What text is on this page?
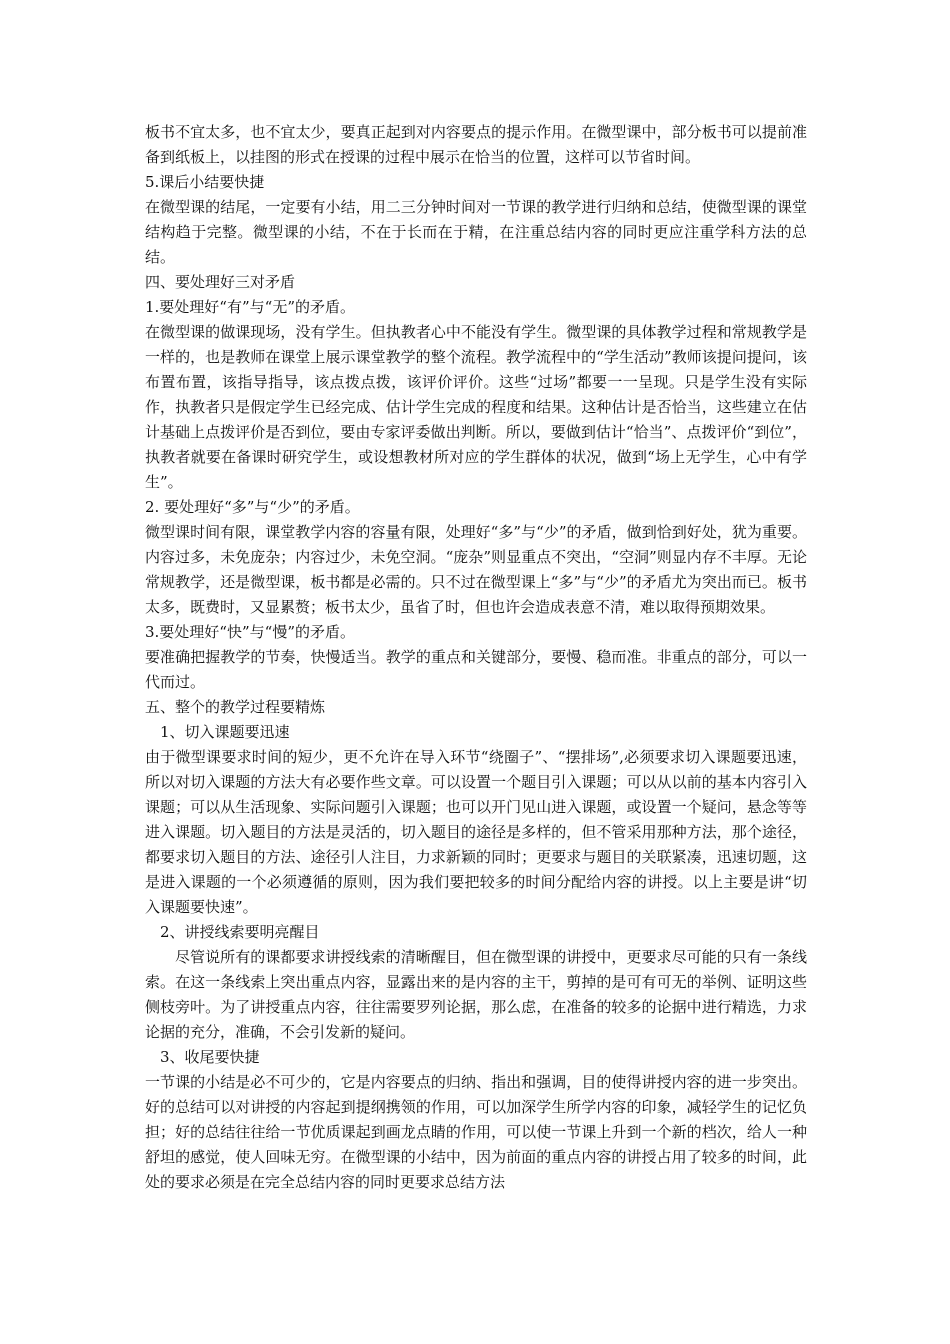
板书不宜太多，也不宜太少，要真正起到对内容要点的提示作用。在微型课中，部分板书可以提前准备到纸板上，以挂图的形式在授课的过程中展示在恰当的位置，这样可以节省时间。

5.课后小结要快捷

在微型课的结尾，一定要有小结，用二三分钟时间对一节课的教学进行归纳和总结，使微型课的课堂结构趋于完整。微型课的小结，不在于长而在于精，在注重总结内容的同时更应注重学科方法的总结。

四、要处理好三对矛盾

1.要处理好“有”与“无”的矛盾。

在微型课的做课现场，没有学生。但执教者心中不能没有学生。微型课的具体教学过程和常规教学是一样的，也是教师在课堂上展示课堂教学的整个流程。教学流程中的“学生活动”教师该提问提问，该布置布置，该指导指导，该点拨点拨，该评价评价。这些“过场”都要一一呈现。只是学生没有实际作，执教者只是假定学生已经完成、估计学生完成的程度和结果。这种估计是否恰当，这些建立在估计基础上点拨评价是否到位，要由专家评委做出判断。所以，要做到估计“恰当”、点拨评价“到位”，执教者就要在备课时研究学生，或设想教材所对应的学生群体的状况，做到“场上无学生，心中有学生”。

2. 要处理好“多”与“少”的矛盾。

微型课时间有限，课堂教学内容的容量有限，处理好“多”与“少”的矛盾，做到恰到好处，犹为重要。内容过多，未免庞杂；内容过少，未免空洞。“庞杂”则显重点不突出，“空洞”则显内存不丰厚。无论常规教学，还是微型课，板书都是必需的。只不过在微型课上“多”与“少”的矛盾尤为突出而已。板书太多，既费时，又显累赘；板书太少，虽省了时，但也许会造成表意不清，难以取得预期效果。

3.要处理好“快”与“慢”的矛盾。

要准确把握教学的节奏，快慢适当。教学的重点和关键部分，要慢、稳而准。非重点的部分，可以一代而过。

五、整个的教学过程要精炼

1、切入课题要迅速

由于微型课要求时间的短少，更不允许在导入环节“绕圈子”、“摆排场”,必须要求切入课题要迅速，所以对切入课题的方法大有必要作些文章。可以设置一个题目引入课题；可以从以前的基本内容引入课题；可以从生活现象、实际问题引入课题；也可以开门见山进入课题，或设置一个疑问，悬念等等进入课题。切入题目的方法是灵活的，切入题目的途径是多样的，但不管采用那种方法，那个途径，都要求切入题目的方法、途径引人注目，力求新颖的同时；更要求与题目的关联紧凑，迅速切题，这是进入课题的一个必须遵循的原则，因为我们要把较多的时间分配给内容的讲授。以上主要是讲“切入课题要快速”。

2、讲授线索要明亮醒目

尽管说所有的课都要求讲授线索的清晰醒目，但在微型课的讲授中，更要求尽可能的只有一条线索。在这一条线索上突出重点内容，显露出来的是内容的主干，剪掉的是可有可无的举例、证明这些侧枝旁叶。为了讲授重点内容，往往需要罗列论据，那么虑，在准备的较多的论据中进行精选，力求论据的充分，准确，不会引发新的疑问。

3、收尾要快捷

一节课的小结是必不可少的，它是内容要点的归纳、指出和强调，目的使得讲授内容的进一步突出。好的总结可以对讲授的内容起到提纲携领的作用，可以加深学生所学内容的印象，减轻学生的记忆负担；好的总结往往给一节优质课起到画龙点睛的作用，可以使一节课上升到一个新的档次，给人一种舒坦的感觉，使人回味无穷。在微型课的小结中，因为前面的重点内容的讲授占用了较多的时间，此处的要求必须是在完全总结内容的同时更要求总结方法
